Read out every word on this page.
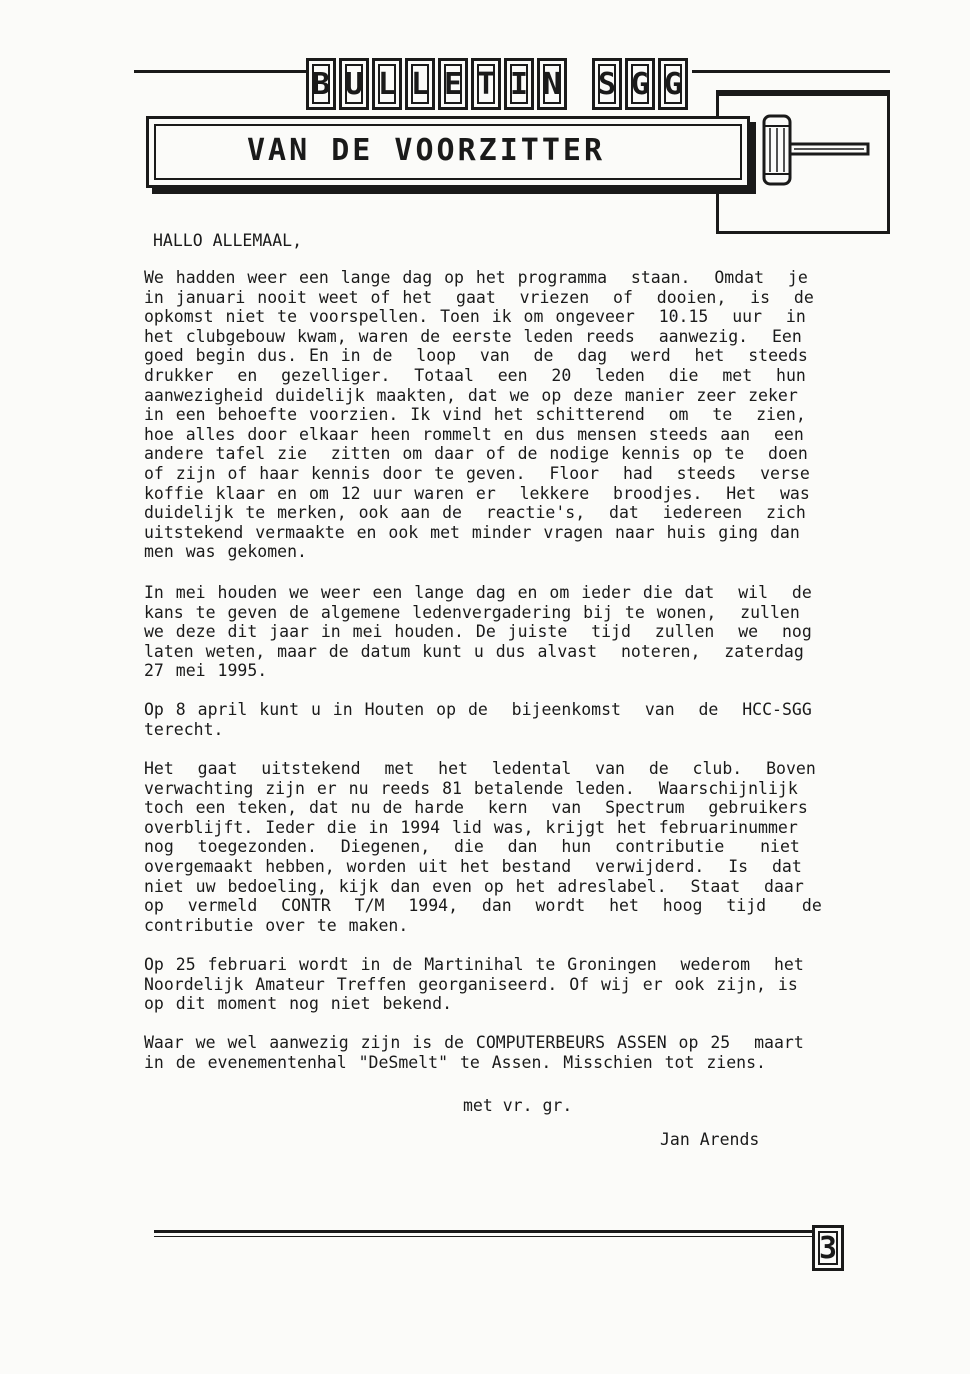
B U L L E T I N S G G
VAN DE VOORZITTER
HALLO ALLEMAAL,
We hadden weer een lange dag op het programma  staan.  Omdat  je
in januari nooit weet of het  gaat  vriezen  of  dooien,  is  de
opkomst niet te voorspellen. Toen ik om ongeveer  10.15  uur  in
het clubgebouw kwam, waren de eerste leden reeds  aanwezig.  Een
goed begin dus. En in de  loop  van  de  dag  werd  het  steeds
drukker  en  gezelliger.  Totaal  een  20  leden  die  met  hun
aanwezigheid duidelijk maakten, dat we op deze manier zeer zeker
in een behoefte voorzien. Ik vind het schitterend  om  te  zien,
hoe alles door elkaar heen rommelt en dus mensen steeds aan  een
andere tafel zie  zitten om daar of de nodige kennis op te  doen
of zijn of haar kennis door te geven.  Floor  had  steeds  verse
koffie klaar en om 12 uur waren er  lekkere  broodjes.  Het  was
duidelijk te merken, ook aan de  reactie's,  dat  iedereen  zich
uitstekend vermaakte en ook met minder vragen naar huis ging dan
men was gekomen.
In mei houden we weer een lange dag en om ieder die dat  wil  de
kans te geven de algemene ledenvergadering bij te wonen,  zullen
we deze dit jaar in mei houden. De juiste  tijd  zullen  we  nog
laten weten, maar de datum kunt u dus alvast  noteren,  zaterdag
27 mei 1995.
Op 8 april kunt u in Houten op de  bijeenkomst  van  de  HCC-SGG
terecht.
Het  gaat  uitstekend  met  het  ledental  van  de  club.  Boven
verwachting zijn er nu reeds 81 betalende leden.  Waarschijnlijk
toch een teken, dat nu de harde  kern  van  Spectrum  gebruikers
overblijft. Ieder die in 1994 lid was, krijgt het februarinummer
nog  toegezonden.  Diegenen,  die  dan  hun  contributie   niet
overgemaakt hebben, worden uit het bestand  verwijderd.  Is  dat
niet uw bedoeling, kijk dan even op het adreslabel.  Staat  daar
op  vermeld  CONTR  T/M  1994,  dan  wordt  het  hoog  tijd   de
contributie over te maken.
Op 25 februari wordt in de Martinihal te Groningen  wederom  het
Noordelijk Amateur Treffen georganiseerd. Of wij er ook zijn, is
op dit moment nog niet bekend.
Waar we wel aanwezig zijn is de COMPUTERBEURS ASSEN op 25  maart
in de evenementenhal "DeSmelt" te Assen. Misschien tot ziens.
met vr. gr.
Jan Arends
3
